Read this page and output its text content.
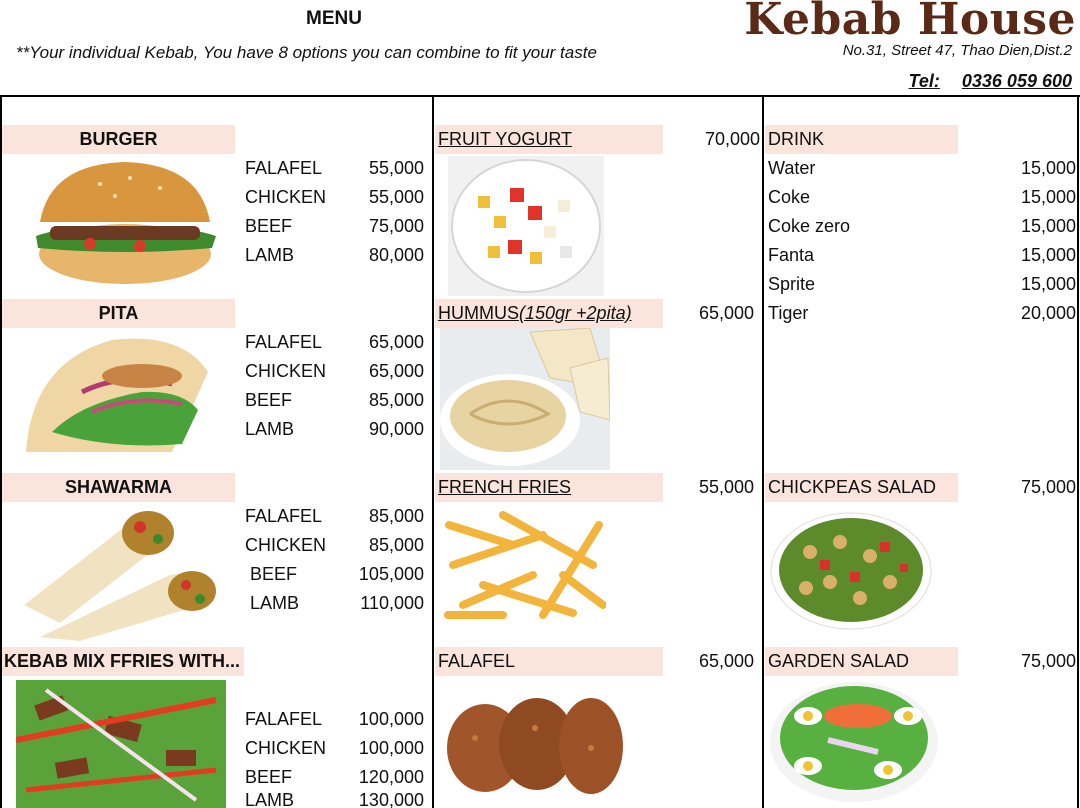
MENU
**Your individual Kebab, You have 8 options you can combine to fit your taste
Kebab House
No.31, Street 47, Thao Dien,Dist.2
Tel: 0336 059 600
BURGER
FALAFEL	55,000
CHICKEN	55,000
BEEF	75,000
LAMB	80,000
PITA
FALAFEL	65,000
CHICKEN	65,000
BEEF	85,000
LAMB	90,000
SHAWARMA
FALAFEL	85,000
CHICKEN	85,000
BEEF	105,000
LAMB	110,000
KEBAB MIX FFRIES WITH...
FALAFEL	100,000
CHICKEN	100,000
BEEF	120,000
LAMB	130,000
FRUIT YOGURT	70,000
HUMMUS(150gr +2pita)	65,000
FRENCH FRIES	55,000
FALAFEL	65,000
DRINK
Water	15,000
Coke	15,000
Coke zero	15,000
Fanta	15,000
Sprite	15,000
Tiger	20,000
CHICKPEAS SALAD	75,000
GARDEN SALAD	75,000
